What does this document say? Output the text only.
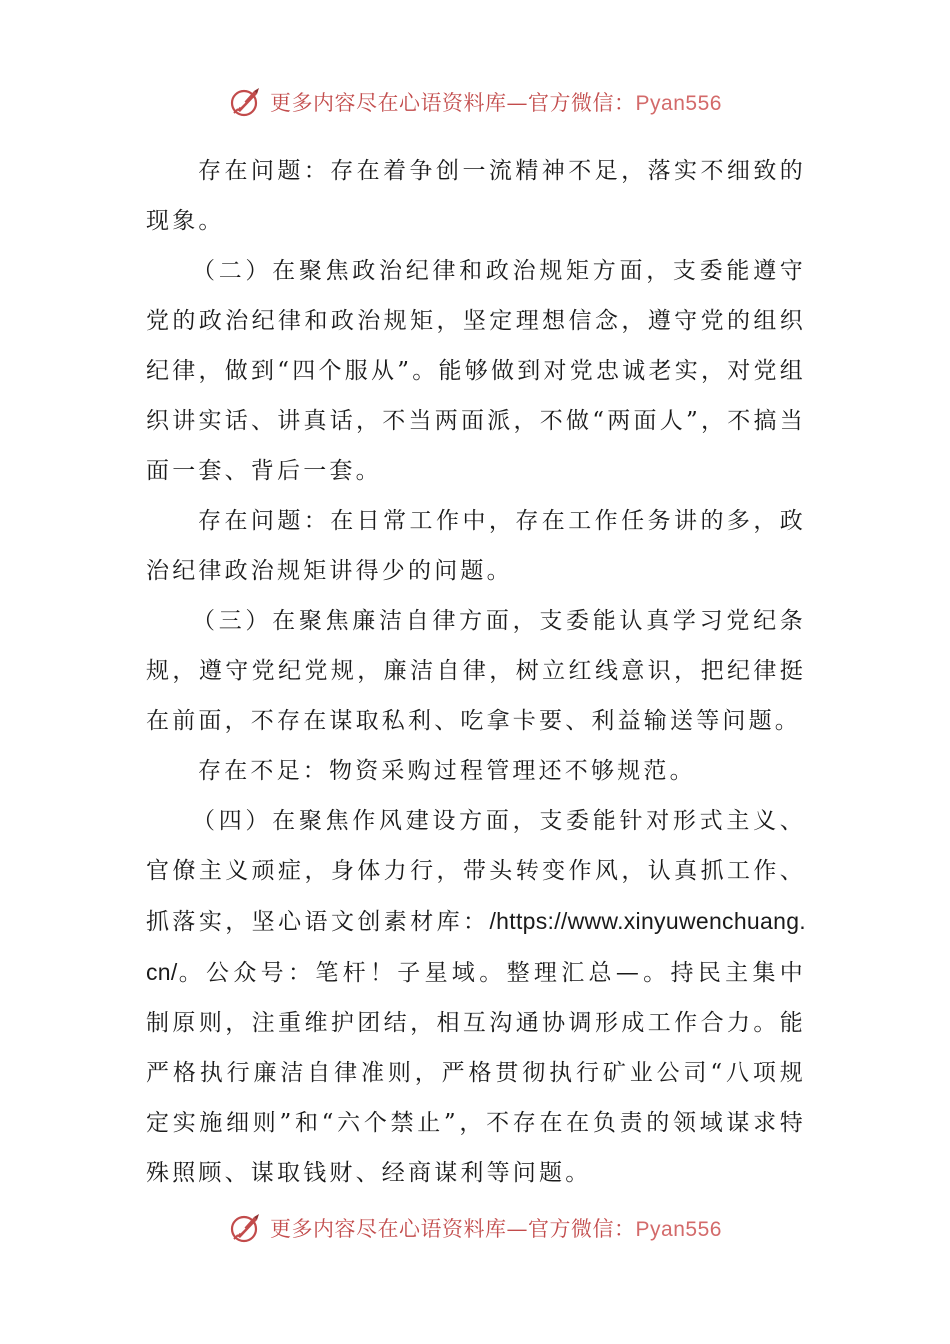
更多内容尽在心语资料库—官方微信：Pyan556

存在问题：存在着争创一流精神不足，落实不细致的现象。

（二）在聚焦政治纪律和政治规矩方面，支委能遵守党的政治纪律和政治规矩，坚定理想信念，遵守党的组织纪律，做到“四个服从”。能够做到对党忠诚老实，对党组织讲实话、讲真话，不当两面派，不做“两面人”，不搞当面一套、背后一套。

存在问题：在日常工作中，存在工作任务讲的多，政治纪律政治规矩讲得少的问题。

（三）在聚焦廉洁自律方面，支委能认真学习党纪条规，遵守党纪党规，廉洁自律，树立红线意识，把纪律挺在前面，不存在谋取私利、吃拿卡要、利益输送等问题。

存在不足：物资采购过程管理还不够规范。

（四）在聚焦作风建设方面，支委能针对形式主义、官僚主义顽症，身体力行，带头转变作风，认真抓工作、抓落实，坚心语文创素材库：/https://www.xinyuwenchuang.cn/。公众号：笔杆！子星域。整理汇总—。持民主集中制原则，注重维护团结，相互沟通协调形成工作合力。能严格执行廉洁自律准则，严格贯彻执行矿业公司“八项规定实施细则”和“六个禁止”，不存在在负责的领域谋求特殊照顾、谋取钱财、经商谋利等问题。

更多内容尽在心语资料库—官方微信：Pyan556
